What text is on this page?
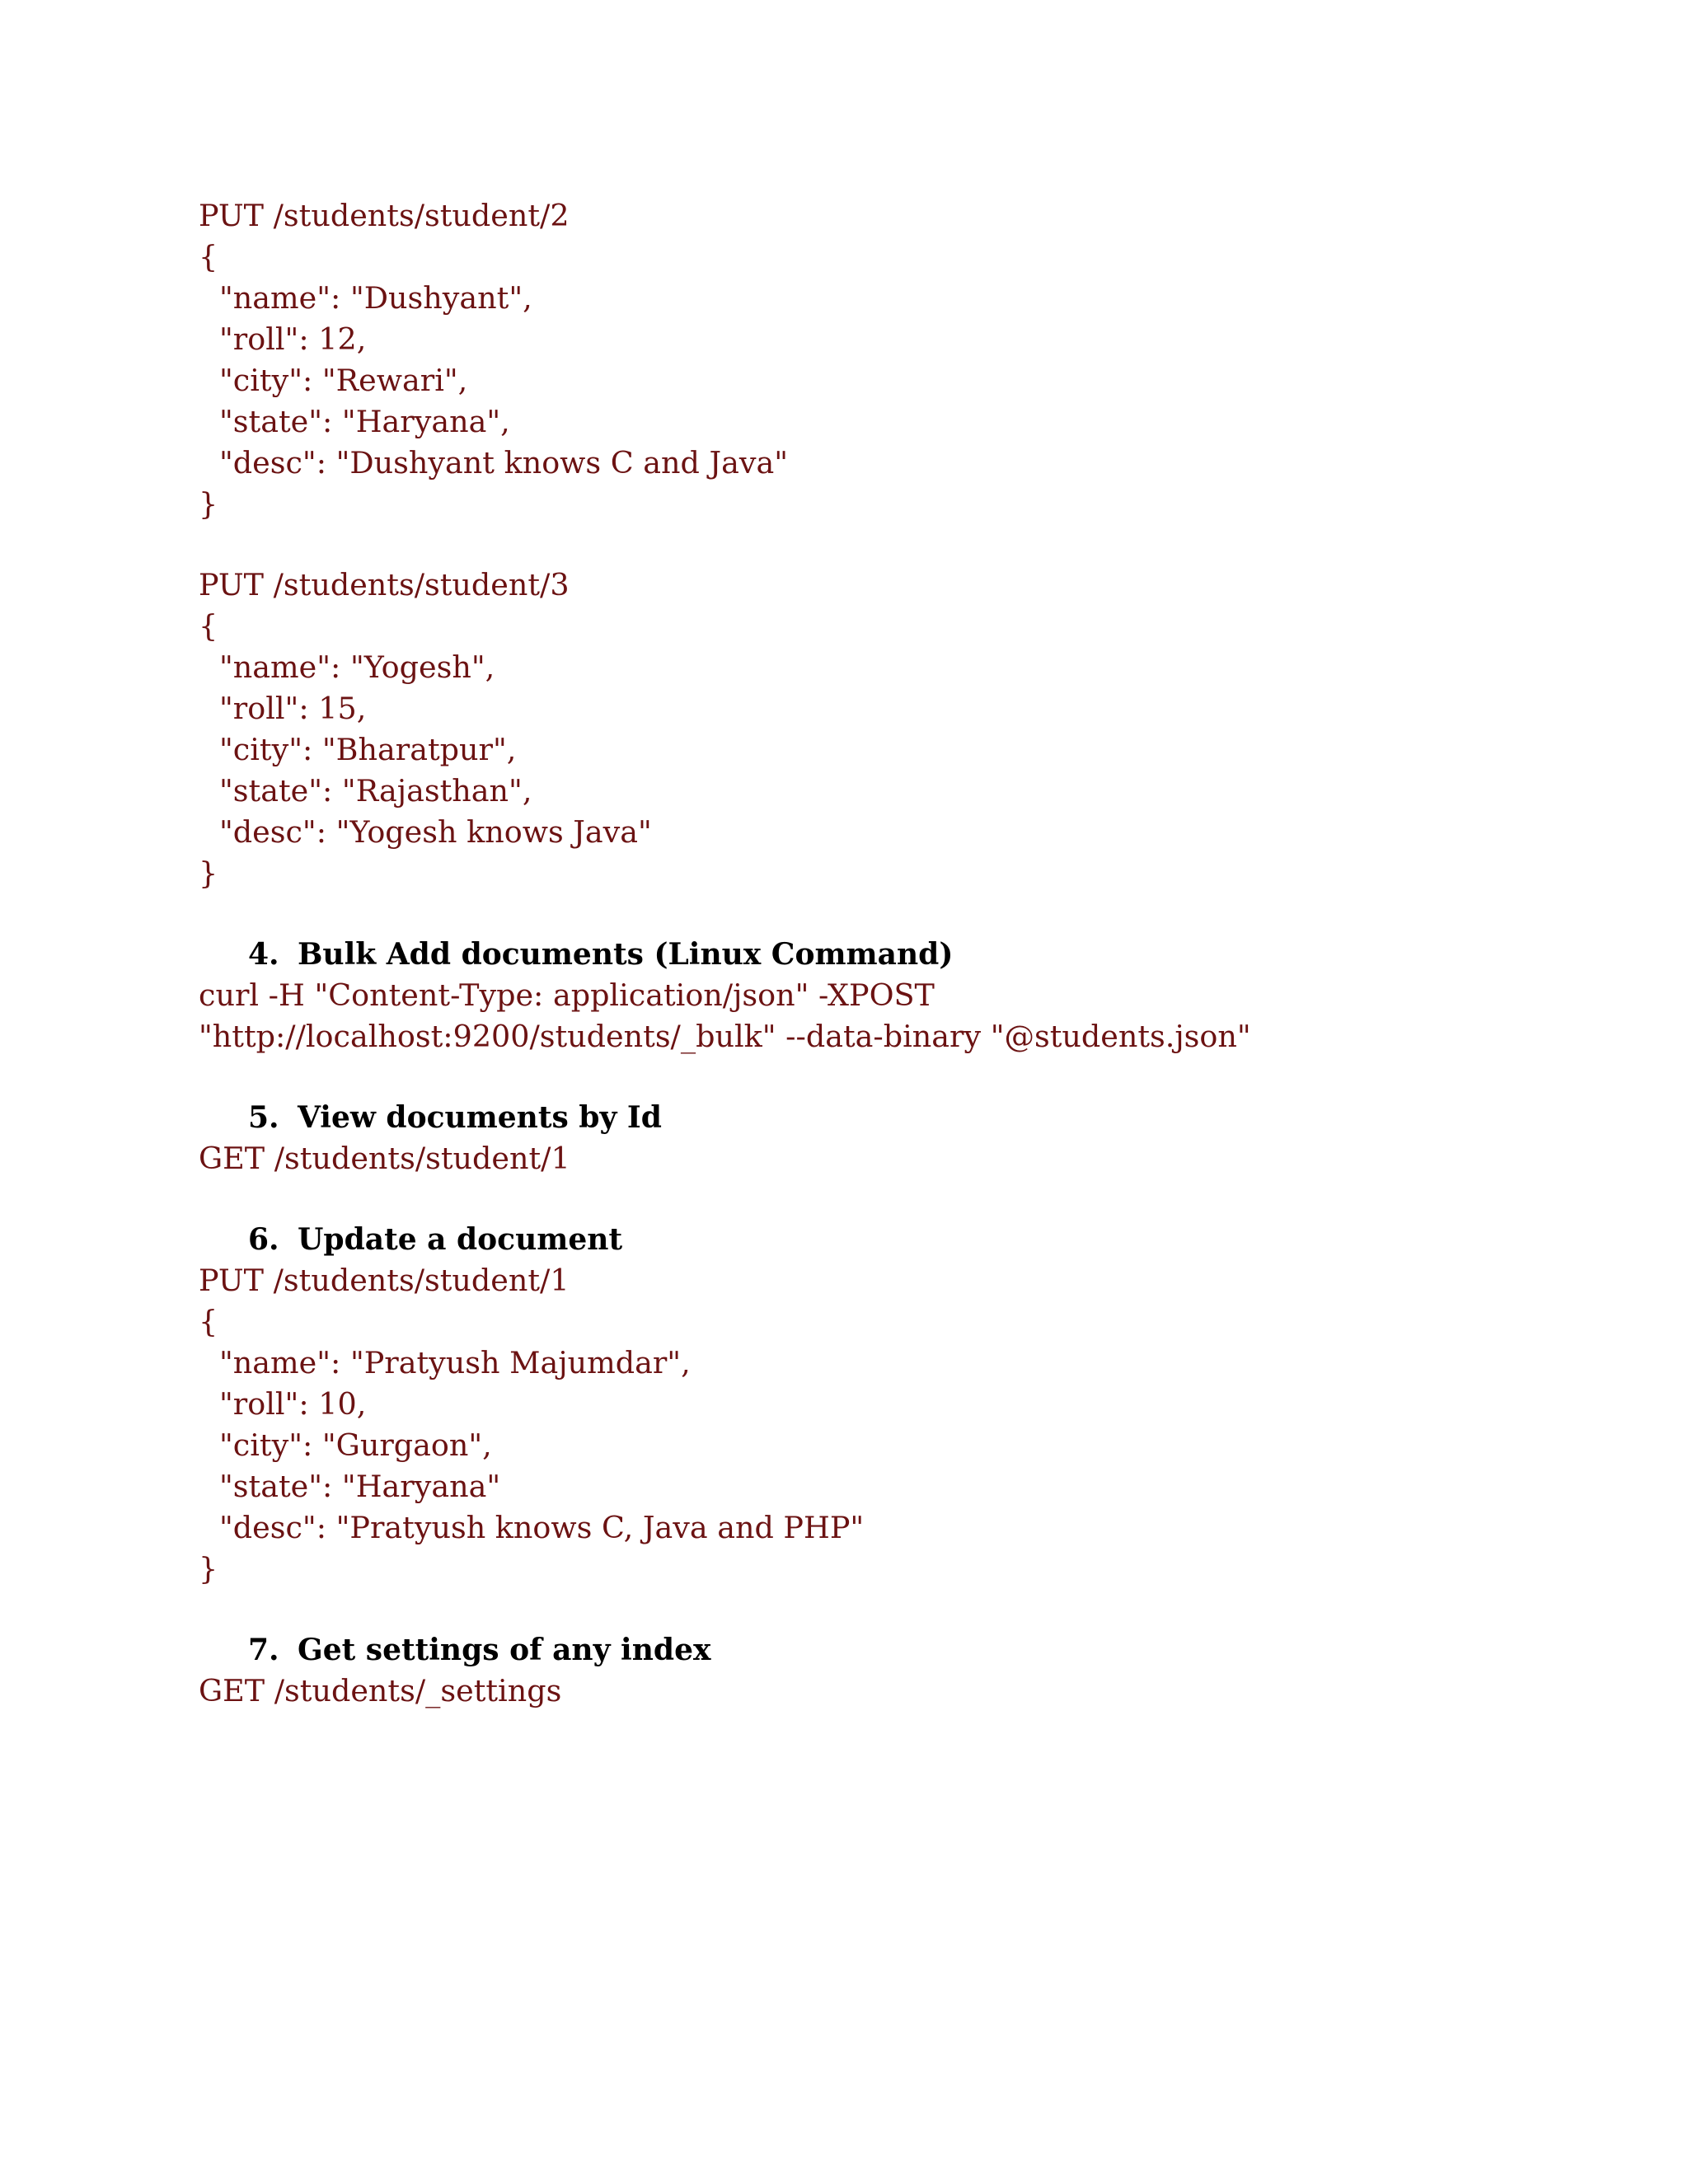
PUT /students/student/2
{
"name": "Dushyant",
"roll": 12,
"city": "Rewari",
"state": "Haryana",
"desc": "Dushyant knows C and Java"
}
PUT /students/student/3
{
"name": "Yogesh",
"roll": 15,
"city": "Bharatpur",
"state": "Rajasthan",
"desc": "Yogesh knows Java"
}
4. Bulk Add documents (Linux Command)
curl -H "Content-Type: application/json" -XPOST
"http://localhost:9200/students/_bulk" --data-binary "@students.json"
5. View documents by Id
GET /students/student/1
6. Update a document
PUT /students/student/1
{
"name": "Pratyush Majumdar",
"roll": 10,
"city": "Gurgaon",
"state": "Haryana"
"desc": "Pratyush knows C, Java and PHP"
}
7. Get settings of any index
GET /students/_settings
